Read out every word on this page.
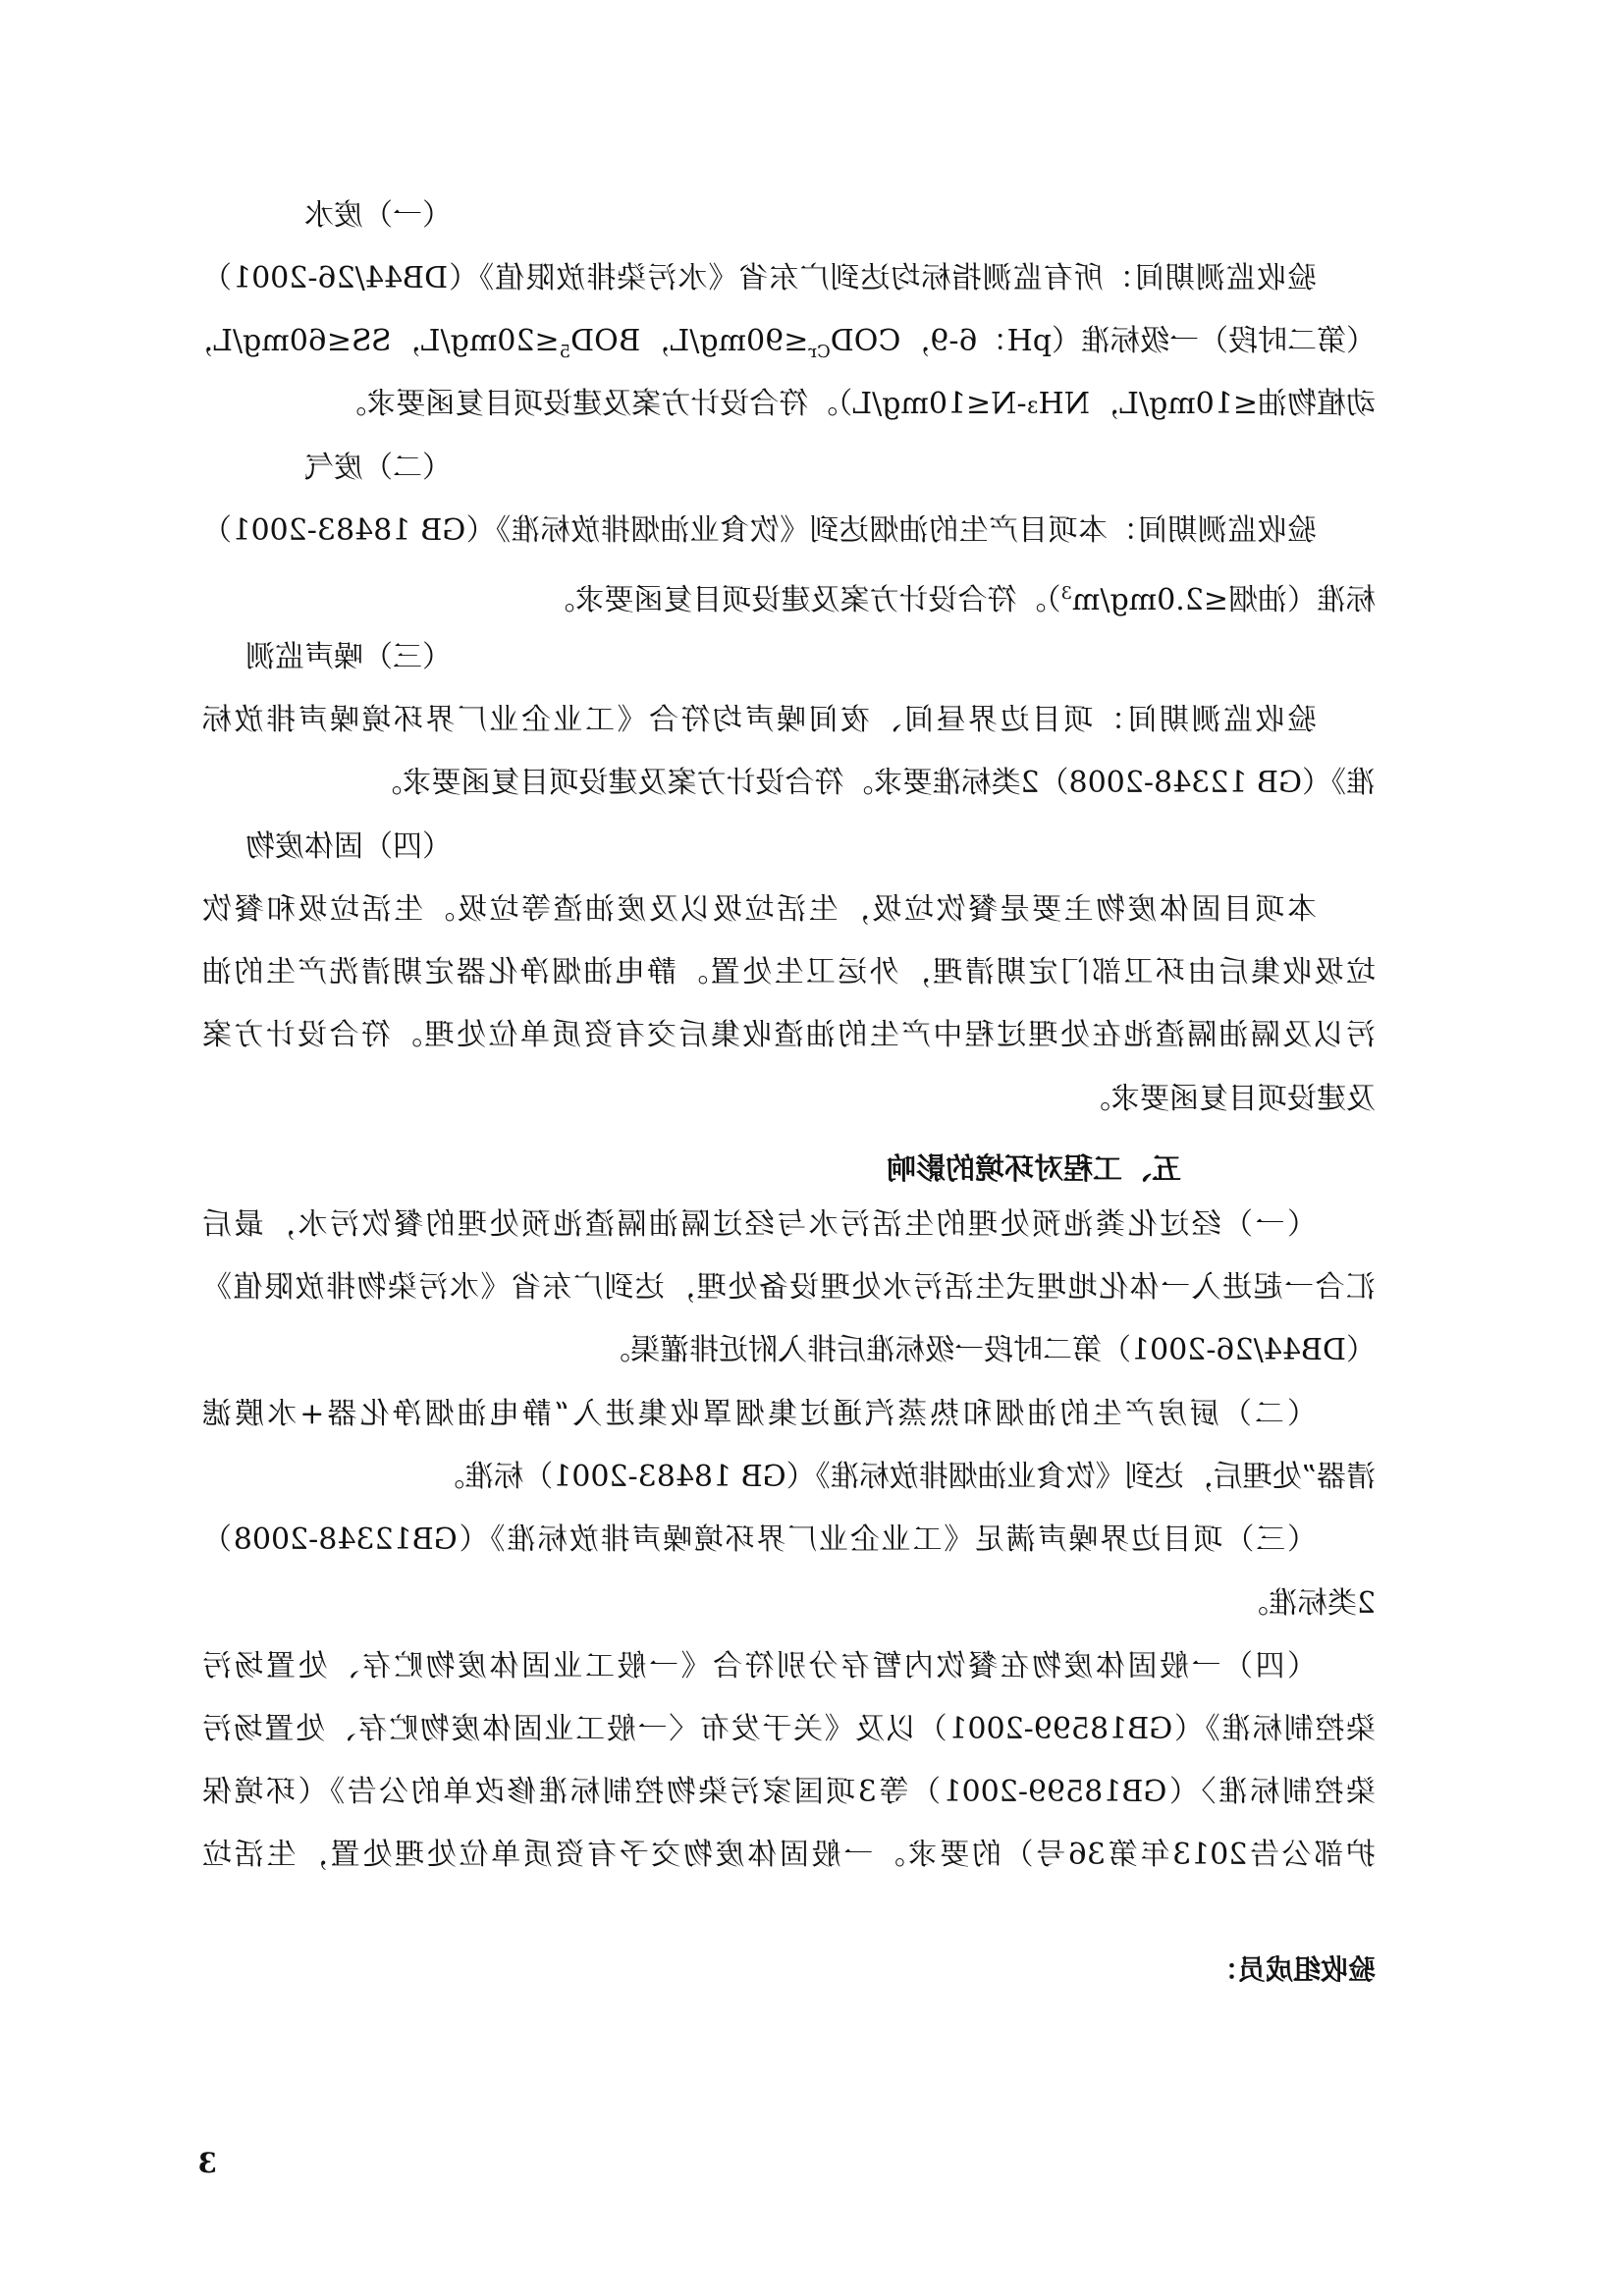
（一）废水
验收监测期间：所有监测指标均达到广东省《水污染排放限值》（DB44/26-2001）
（第二时段）一级标准（pH：6-9，$COD_{Cr}\le 90mg/L$，$BOD_5\le 20mg/L$，SS≤60mg/L，
动植物油≤10mg/L，NH₃-N≤10mg/L）。符合设计方案及建设项目复函要求。
（二）废气
验收监测期间：本项目产生的油烟达到《饮食业油烟排放标准》（GB 18483-2001）
标准（油烟$\le 2.0mg/m^3$）。符合设计方案及建设项目复函要求。
（三）噪声监测
验收监测期间：项目边界昼间、夜间噪声均符合《工业企业厂界环境噪声排放标
准》（GB 12348-2008）2类标准要求。符合设计方案及建设项目复函要求。
（四）固体废物
本项目固体废物主要是餐饮垃圾，生活垃圾以及废油渣等垃圾。生活垃圾和餐饮
垃圾收集后由环卫部门定期清理，外运卫生处置。静电油烟净化器定期清洗产生的油
污以及隔油隔渣池在处理过程中产生的油渣收集后交有资质单位处理。符合设计方案
及建设项目复函要求。
五、工程对环境的影响
（一）经过化粪池预处理的生活污水与经过隔油隔渣池预处理的餐饮污水，最后
汇合一起进入一体化地埋式生活污水处理设备处理，达到广东省《水污染物排放限值》
（DB44/26-2001）第二时段一级标准后排入附近排灌渠。
（二）厨房产生的油烟和热蒸汽通过集烟罩收集进入“静电油烟净化器+水膜滤
清器”处理后，达到《饮食业油烟排放标准》（GB 18483-2001）标准。
（三）项目边界噪声满足《工业企业厂界环境噪声排放标准》（GB12348-2008）
2类标准。
（四）一般固体废物在餐饮内暂存分别符合《一般工业固体废物贮存、处置场污
染控制标准》（GB18599-2001）以及《关于发布〈一般工业固体废物贮存、处置场污
染控制标准〉（GB18599-2001）等3项国家污染物控制标准修改单的公告》（环境保
护部公告2013年第36号）的要求。一般固体废物交予有资质单位处理处置，生活垃
验收组成员：
3
